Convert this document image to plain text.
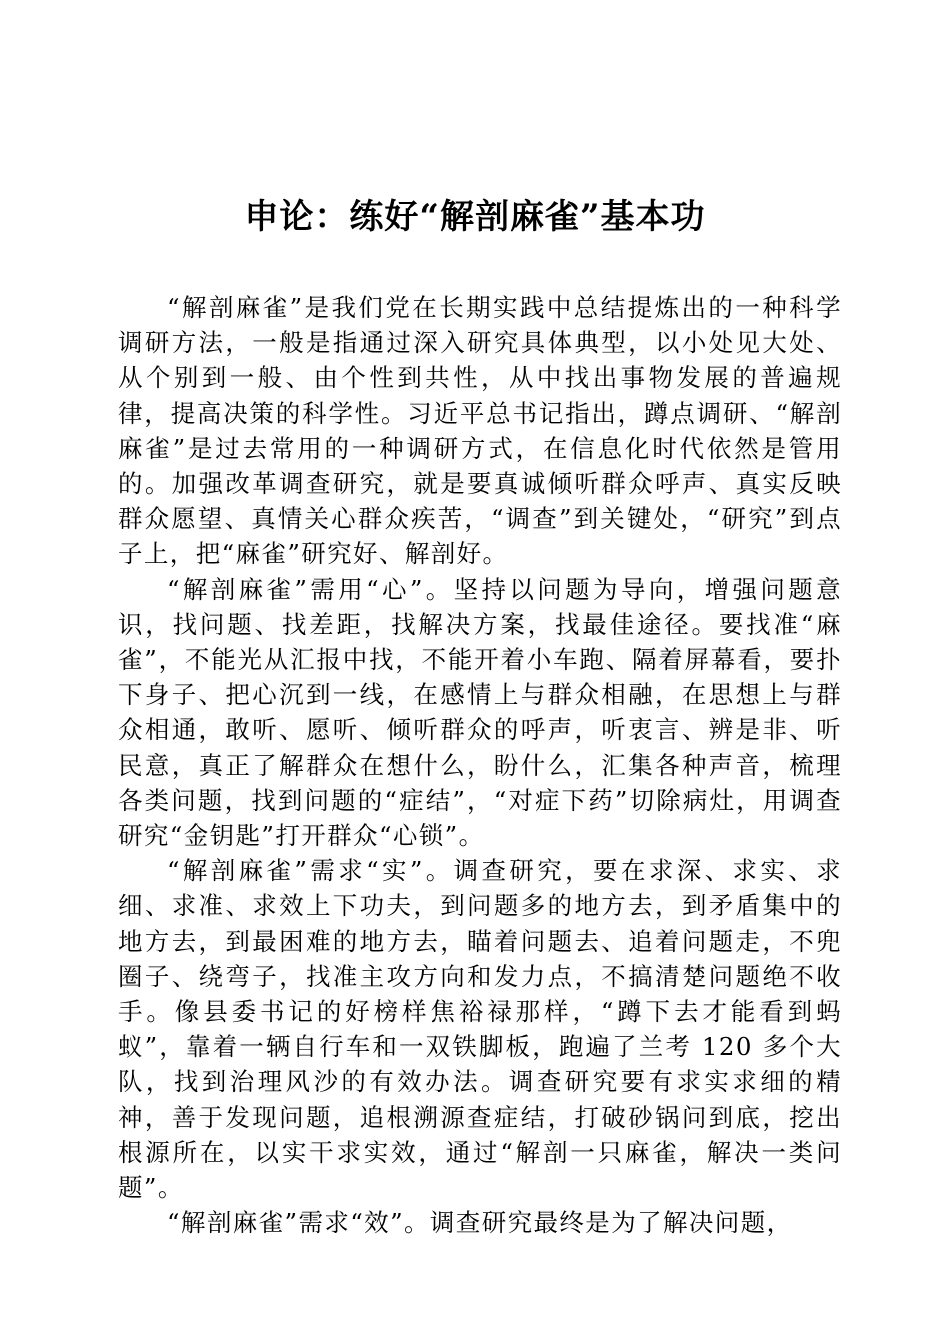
申论：练好“解剖麻雀”基本功

“解剖麻雀”是我们党在长期实践中总结提炼出的一种科学调研方法，一般是指通过深入研究具体典型，以小处见大处、从个别到一般、由个性到共性，从中找出事物发展的普遍规律，提高决策的科学性。习近平总书记指出，蹲点调研、“解剖麻雀”是过去常用的一种调研方式，在信息化时代依然是管用的。加强改革调查研究，就是要真诚倾听群众呼声、真实反映群众愿望、真情关心群众疾苦，“调查”到关键处，“研究”到点子上，把“麻雀”研究好、解剖好。

“解剖麻雀”需用“心”。坚持以问题为导向，增强问题意识，找问题、找差距，找解决方案，找最佳途径。要找准“麻雀”，不能光从汇报中找，不能开着小车跑、隔着屏幕看，要扑下身子、把心沉到一线，在感情上与群众相融，在思想上与群众相通，敢听、愿听、倾听群众的呼声，听衷言、辨是非、听民意，真正了解群众在想什么，盼什么，汇集各种声音，梳理各类问题，找到问题的“症结”，“对症下药”切除病灶，用调查研究“金钥匙”打开群众“心锁”。

“解剖麻雀”需求“实”。调查研究，要在求深、求实、求细、求准、求效上下功夫，到问题多的地方去，到矛盾集中的地方去，到最困难的地方去，瞄着问题去、追着问题走，不兜圈子、绕弯子，找准主攻方向和发力点，不搞清楚问题绝不收手。像县委书记的好榜样焦裕禄那样，“蹲下去才能看到蚂蚁”，靠着一辆自行车和一双铁脚板，跑遍了兰考 120 多个大队，找到治理风沙的有效办法。调查研究要有求实求细的精神，善于发现问题，追根溯源查症结，打破砂锅问到底，挖出根源所在，以实干求实效，通过“解剖一只麻雀，解决一类问题”。

“解剖麻雀”需求“效”。调查研究最终是为了解决问题，
